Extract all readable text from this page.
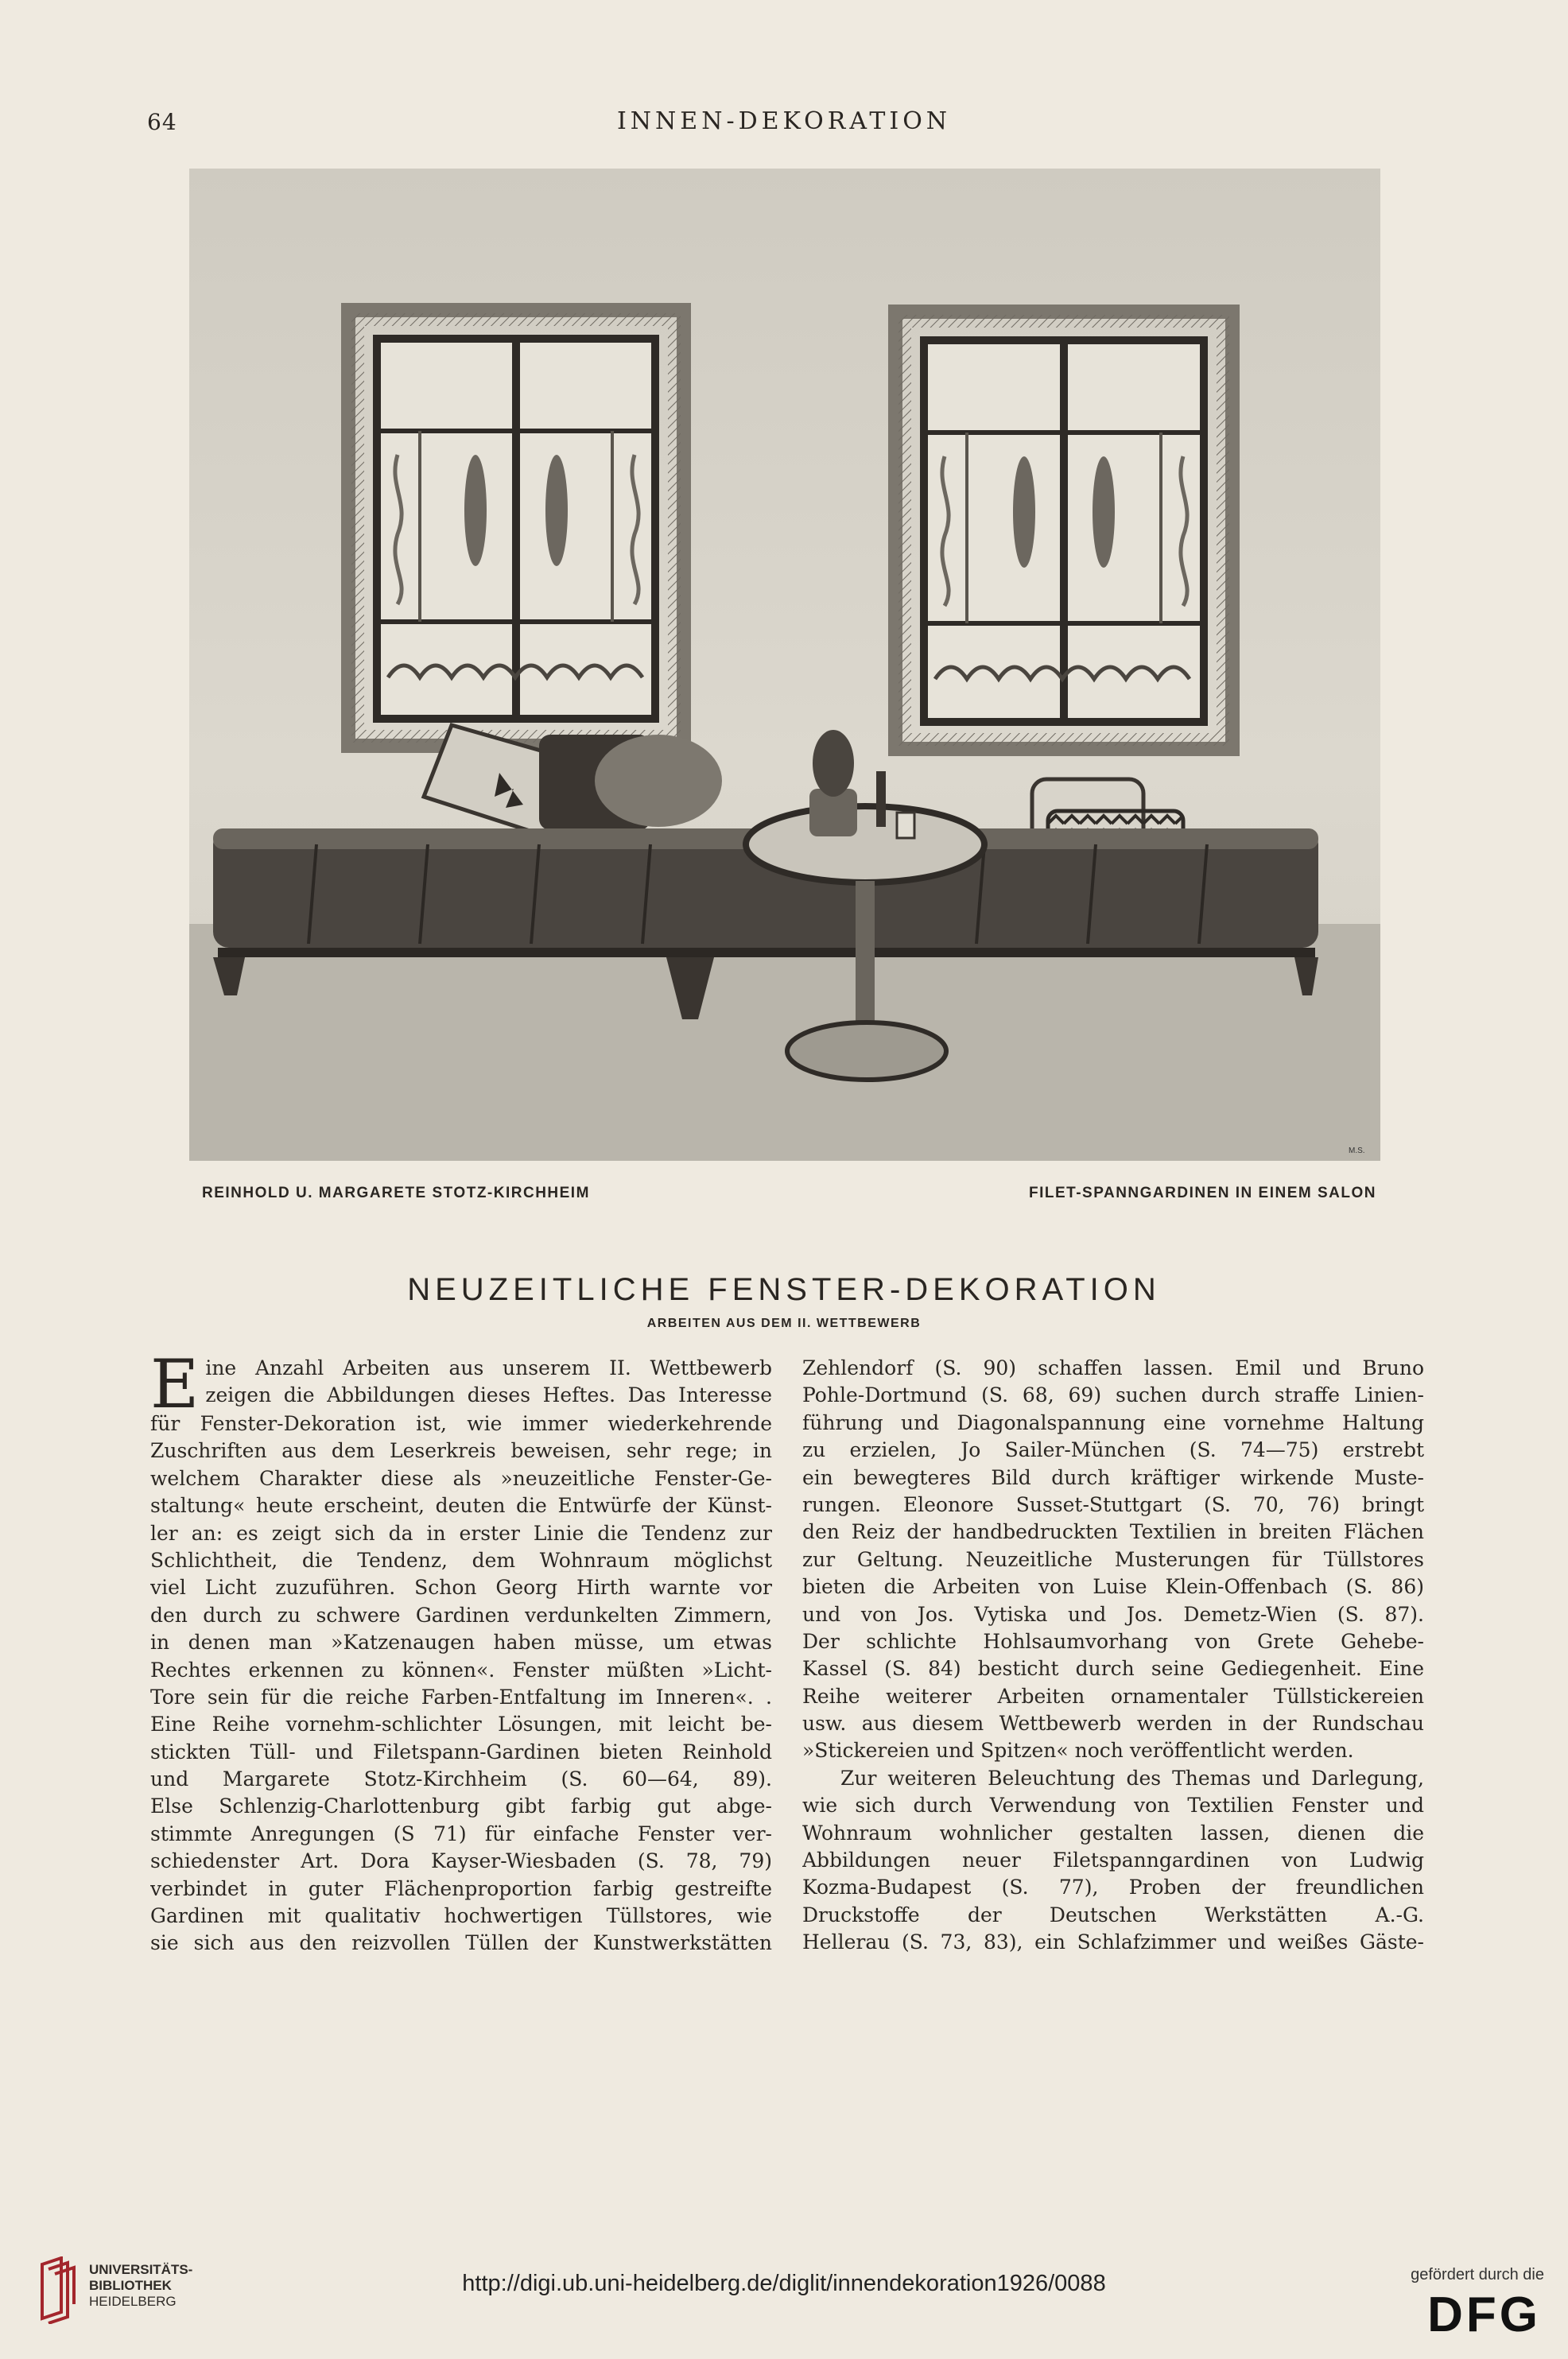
64	INNEN-DEKORATION
M.S.
REINHOLD U. MARGARETE STOTZ-KIRCHHEIM	FILET-SPANNGARDINEN IN EINEM SALON
NEUZEITLICHE FENSTER-DEKORATION
ARBEITEN AUS DEM II. WETTBEWERB
E ine Anzahl Arbeiten aus unserem II. Wettbewerb
zeigen die Abbildungen dieses Heftes. Das Interesse
für Fenster-Dekoration ist, wie immer wiederkehrende
Zuschriften aus dem Leserkreis beweisen, sehr rege; in
welchem Charakter diese als »neuzeitliche Fenster-Ge-
staltung« heute erscheint, deuten die Entwürfe der Künst-
ler an: es zeigt sich da in erster Linie die Tendenz zur
Schlichtheit, die Tendenz, dem Wohnraum möglichst
viel Licht zuzuführen. Schon Georg Hirth warnte vor
den durch zu schwere Gardinen verdunkelten Zimmern,
in denen man »Katzenaugen haben müsse, um etwas
Rechtes erkennen zu können«. Fenster müßten »Licht-
Tore sein für die reiche Farben-Entfaltung im Inneren«. .
Eine Reihe vornehm-schlichter Lösungen, mit leicht be-
stickten Tüll- und Filetspann-Gardinen bieten Reinhold
und Margarete Stotz-Kirchheim (S. 60—64, 89).
Else Schlenzig-Charlottenburg gibt farbig gut abge-
stimmte Anregungen (S 71) für einfache Fenster ver-
schiedenster Art. Dora Kayser-Wiesbaden (S. 78, 79)
verbindet in guter Flächenproportion farbig gestreifte
Gardinen mit qualitativ hochwertigen Tüllstores, wie
sie sich aus den reizvollen Tüllen der Kunstwerkstätten
Zehlendorf (S. 90) schaffen lassen. Emil und Bruno
Pohle-Dortmund (S. 68, 69) suchen durch straffe Linien-
führung und Diagonalspannung eine vornehme Haltung
zu erzielen, Jo Sailer-München (S. 74—75) erstrebt
ein bewegteres Bild durch kräftiger wirkende Muste-
rungen. Eleonore Susset-Stuttgart (S. 70, 76) bringt
den Reiz der handbedruckten Textilien in breiten Flächen
zur Geltung. Neuzeitliche Musterungen für Tüllstores
bieten die Arbeiten von Luise Klein-Offenbach (S. 86)
und von Jos. Vytiska und Jos. Demetz-Wien (S. 87).
Der schlichte Hohlsaumvorhang von Grete Gehebe-
Kassel (S. 84) besticht durch seine Gediegenheit. Eine
Reihe weiterer Arbeiten ornamentaler Tüllstickereien
usw. aus diesem Wettbewerb werden in der Rundschau
»Stickereien und Spitzen« noch veröffentlicht werden.
Zur weiteren Beleuchtung des Themas und Darlegung,
wie sich durch Verwendung von Textilien Fenster und
Wohnraum wohnlicher gestalten lassen, dienen die
Abbildungen neuer Filetspanngardinen von Ludwig
Kozma-Budapest (S. 77), Proben der freundlichen
Druckstoffe der Deutschen Werkstätten A.-G.
Hellerau (S. 73, 83), ein Schlafzimmer und weißes Gäste-
UNIVERSITÄTS-
BIBLIOTHEK
HEIDELBERG
http://digi.ub.uni-heidelberg.de/diglit/innendekoration1926/0088	gefördert durch die
DFG
